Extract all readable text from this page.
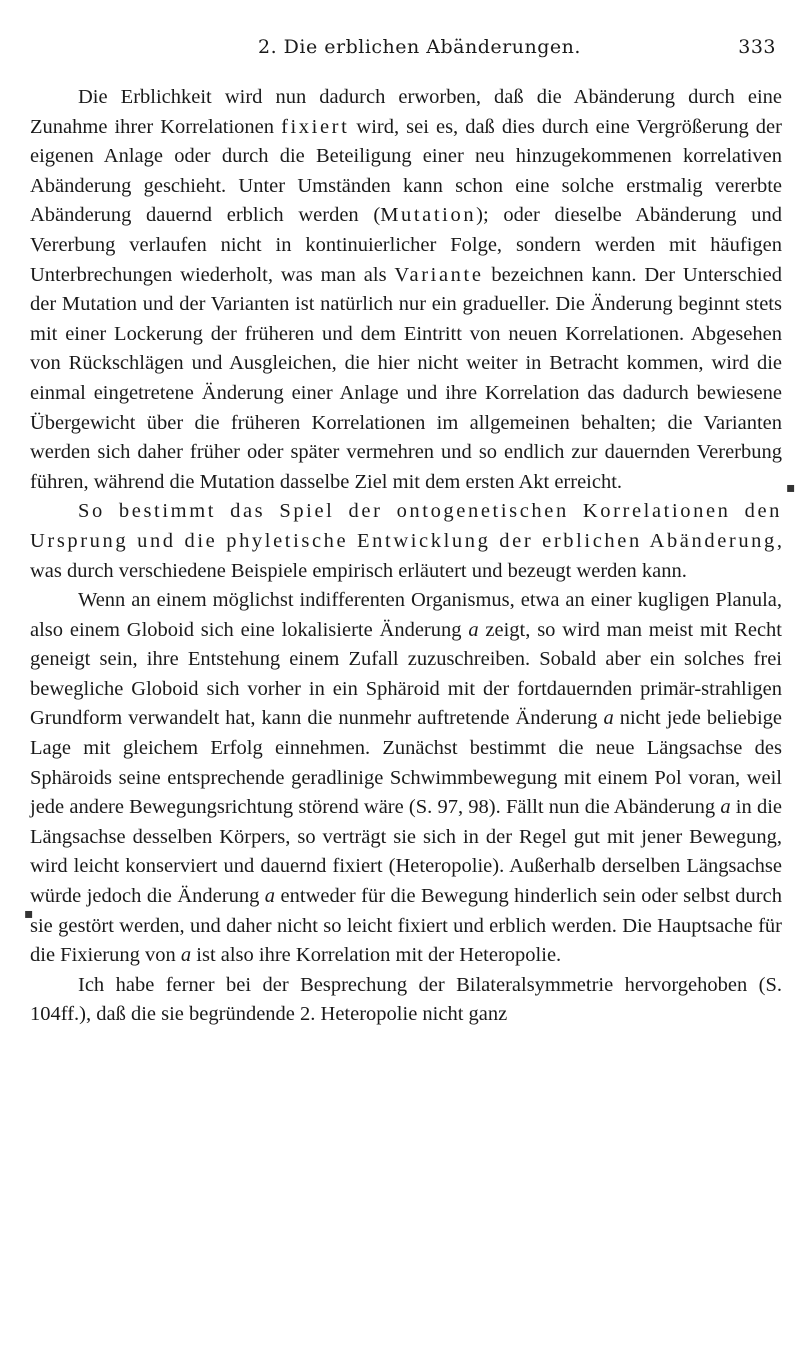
2. Die erblichen Abänderungen.	333

Die Erblichkeit wird nun dadurch erworben, daß die Abänderung durch eine Zunahme ihrer Korrelationen fixiert wird, sei es, daß dies durch eine Vergrößerung der eigenen Anlage oder durch die Beteiligung einer neu hinzugekommenen korrelativen Abänderung geschieht. Unter Umständen kann schon eine solche erstmalig vererbte Abänderung dauernd erblich werden (Mutation); oder dieselbe Abänderung und Vererbung verlaufen nicht in kontinuierlicher Folge, sondern werden mit häufigen Unterbrechungen wiederholt, was man als Variante bezeichnen kann. Der Unterschied der Mutation und der Varianten ist natürlich nur ein gradueller. Die Änderung beginnt stets mit einer Lockerung der früheren und dem Eintritt von neuen Korrelationen. Abgesehen von Rückschlägen und Ausgleichen, die hier nicht weiter in Betracht kommen, wird die einmal eingetretene Änderung einer Anlage und ihre Korrelation das dadurch bewiesene Übergewicht über die früheren Korrelationen im allgemeinen behalten; die Varianten werden sich daher früher oder später vermehren und so endlich zur dauernden Vererbung führen, während die Mutation dasselbe Ziel mit dem ersten Akt erreicht.

So bestimmt das Spiel der ontogenetischen Korrelationen den Ursprung und die phyletische Entwicklung der erblichen Abänderung, was durch verschiedene Beispiele empirisch erläutert und bezeugt werden kann.

Wenn an einem möglichst indifferenten Organismus, etwa an einer kugligen Planula, also einem Globoid sich eine lokalisierte Änderung a zeigt, so wird man meist mit Recht geneigt sein, ihre Entstehung einem Zufall zuzuschreiben. Sobald aber ein solches frei bewegliche Globoid sich vorher in ein Sphäroid mit der fortdauernden primär-strahligen Grundform verwandelt hat, kann die nunmehr auftretende Änderung a nicht jede beliebige Lage mit gleichem Erfolg einnehmen. Zunächst bestimmt die neue Längsachse des Sphäroids seine entsprechende geradlinige Schwimmbewegung mit einem Pol voran, weil jede andere Bewegungsrichtung störend wäre (S. 97, 98). Fällt nun die Abänderung a in die Längsachse desselben Körpers, so verträgt sie sich in der Regel gut mit jener Bewegung, wird leicht konserviert und dauernd fixiert (Heteropolie). Außerhalb derselben Längsachse würde jedoch die Änderung a entweder für die Bewegung hinderlich sein oder selbst durch sie gestört werden, und daher nicht so leicht fixiert und erblich werden. Die Hauptsache für die Fixierung von a ist also ihre Korrelation mit der Heteropolie.

Ich habe ferner bei der Besprechung der Bilateralsymmetrie hervorgehoben (S. 104ff.), daß die sie begründende 2. Heteropolie nicht ganz

▪
▪
